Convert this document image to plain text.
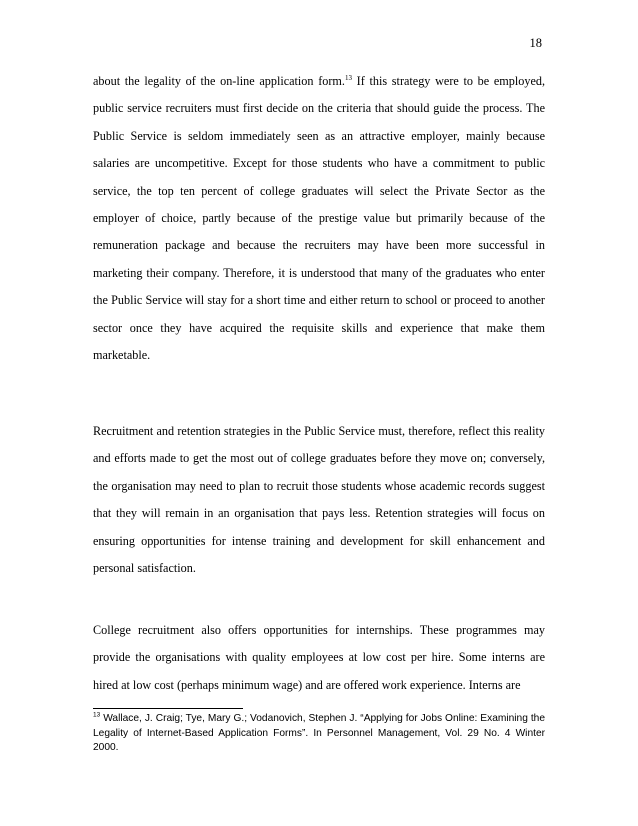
18

about the legality of the on-line application form.$^{13}$ If this strategy were to be employed, public service recruiters must first decide on the criteria that should guide the process. The Public Service is seldom immediately seen as an attractive employer, mainly because salaries are uncompetitive. Except for those students who have a commitment to public service, the top ten percent of college graduates will select the Private Sector as the employer of choice, partly because of the prestige value but primarily because of the remuneration package and because the recruiters may have been more successful in marketing their company. Therefore, it is understood that many of the graduates who enter the Public Service will stay for a short time and either return to school or proceed to another sector once they have acquired the requisite skills and experience that make them marketable.

Recruitment and retention strategies in the Public Service must, therefore, reflect this reality and efforts made to get the most out of college graduates before they move on; conversely, the organisation may need to plan to recruit those students whose academic records suggest that they will remain in an organisation that pays less. Retention strategies will focus on ensuring opportunities for intense training and development for skill enhancement and personal satisfaction.

College recruitment also offers opportunities for internships. These programmes may provide the organisations with quality employees at low cost per hire. Some interns are hired at low cost (perhaps minimum wage) and are offered work experience. Interns are

$^{13}$ Wallace, J. Craig; Tye, Mary G.; Vodanovich, Stephen J. “Applying for Jobs Online: Examining the Legality of Internet-Based Application Forms”. In Personnel Management, Vol. 29 No. 4 Winter 2000.
